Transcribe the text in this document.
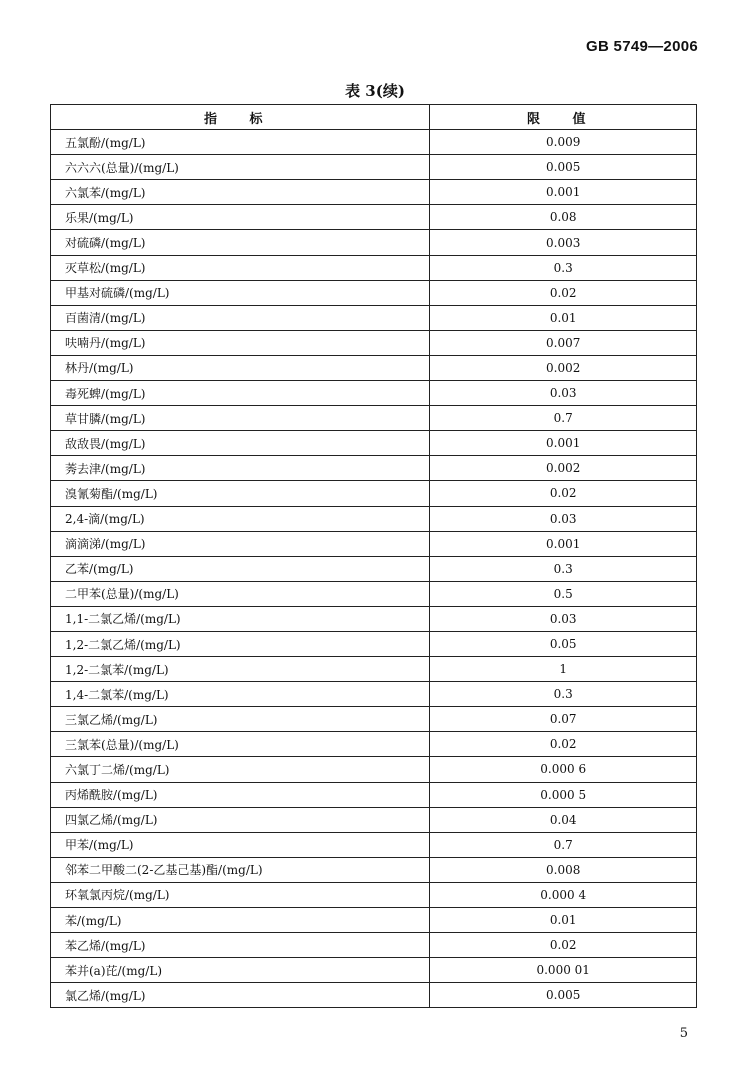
GB 5749—2006
表 3(续)
指 标	限 值
五氯酚/(mg/L)	0.009
六六六(总量)/(mg/L)	0.005
六氯苯/(mg/L)	0.001
乐果/(mg/L)	0.08
对硫磷/(mg/L)	0.003
灭草松/(mg/L)	0.3
甲基对硫磷/(mg/L)	0.02
百菌清/(mg/L)	0.01
呋喃丹/(mg/L)	0.007
林丹/(mg/L)	0.002
毒死蜱/(mg/L)	0.03
草甘膦/(mg/L)	0.7
敌敌畏/(mg/L)	0.001
莠去津/(mg/L)	0.002
溴氰菊酯/(mg/L)	0.02
2,4-滴/(mg/L)	0.03
滴滴涕/(mg/L)	0.001
乙苯/(mg/L)	0.3
二甲苯(总量)/(mg/L)	0.5
1,1-二氯乙烯/(mg/L)	0.03
1,2-二氯乙烯/(mg/L)	0.05
1,2-二氯苯/(mg/L)	1
1,4-二氯苯/(mg/L)	0.3
三氯乙烯/(mg/L)	0.07
三氯苯(总量)/(mg/L)	0.02
六氯丁二烯/(mg/L)	0.000 6
丙烯酰胺/(mg/L)	0.000 5
四氯乙烯/(mg/L)	0.04
甲苯/(mg/L)	0.7
邻苯二甲酸二(2-乙基己基)酯/(mg/L)	0.008
环氧氯丙烷/(mg/L)	0.000 4
苯/(mg/L)	0.01
苯乙烯/(mg/L)	0.02
苯并(a)芘/(mg/L)	0.000 01
氯乙烯/(mg/L)	0.005
5
